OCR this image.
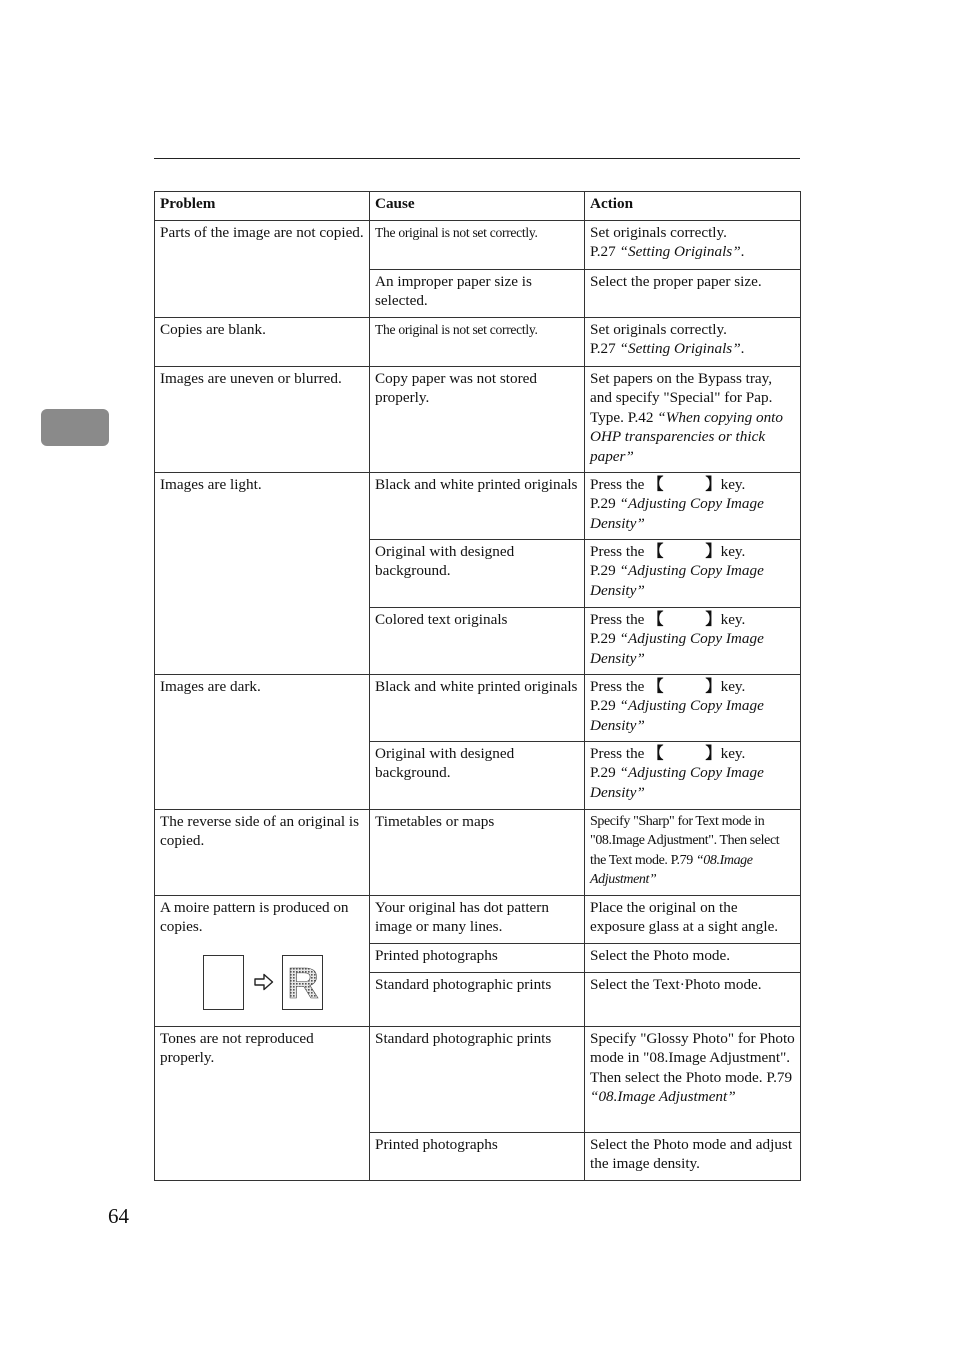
Problem	Cause	Action
Parts of the image are not copied.	The original is not set correctly.	Set originals correctly.
P.27 “Setting Originals”.
	An improper paper size is selected.	Select the proper paper size.
Copies are blank.	The original is not set correctly.	Set originals correctly.
P.27 “Setting Originals”.
Images are uneven or blurred.	Copy paper was not stored properly.	Set papers on the Bypass tray, and specify "Special" for Pap. Type. P.42 “When copying onto OHP transparencies or thick paper”
Images are light.	Black and white printed originals	Press the 【 】key.
P.29 “Adjusting Copy Image Density”
	Original with designed background.	Press the 【 】key.
P.29 “Adjusting Copy Image Density”
	Colored text originals	Press the 【 】key.
P.29 “Adjusting Copy Image Density”
Images are dark.	Black and white printed originals	Press the 【 】key.
P.29 “Adjusting Copy Image Density”
	Original with designed background.	Press the 【 】key.
P.29 “Adjusting Copy Image Density”
The reverse side of an original is copied.	Timetables or maps	Specify "Sharp" for Text mode in "08.Image Adjustment". Then select the Text mode. P.79 “08.Image Adjustment”
A moire pattern is produced on copies.
R	Your original has dot pattern image or many lines.	Place the original on the exposure glass at a sight angle.
	Printed photographs	Select the Photo mode.
	Standard photographic prints	Select the Text·Photo mode.
Tones are not reproduced properly.	Standard photographic prints	Specify "Glossy Photo" for Photo mode in "08.Image Adjustment". Then select the Photo mode. P.79 “08.Image Adjustment”
	Printed photographs	Select the Photo mode and adjust the image density.
64
